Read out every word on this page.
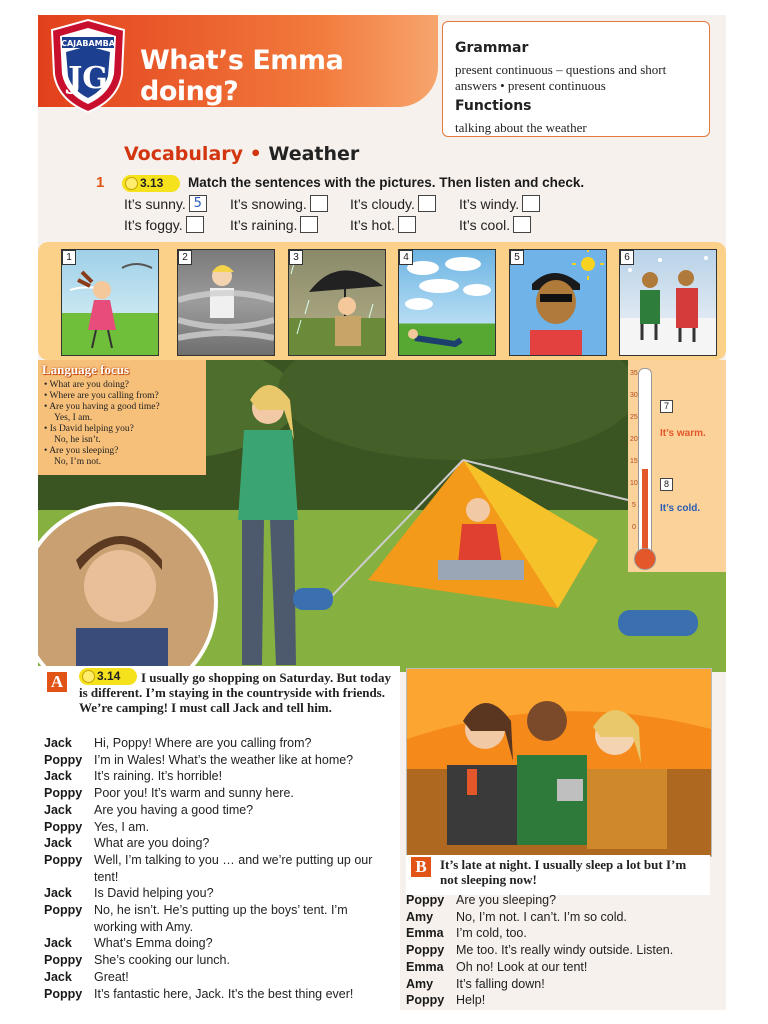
CAJABAMBA
JG
What’s Emma doing?
Grammar
present continuous – questions and short answers • present continuous
Functions
talking about the weather
Vocabulary • Weather
1	3.13	Match the sentences with the pictures. Then listen and check.
It’s sunny. 5	It’s snowing.	It’s cloudy.	It’s windy.
It’s foggy.	It’s raining.	It’s hot.	It’s cool.
1	2	3	4	5	6
Language focus
• What are you doing?
• Where are you calling from?
• Are you having a good time?
Yes, I am.
• Is David helping you?
No, he isn’t.
• Are you sleeping?
No, I’m not.
35
30
25
20
15
10
5
0
7
It’s warm.
8
It’s cold.
A	3.14	I usually go shopping on Saturday. But today is different. I’m staying in the countryside with friends. We’re camping! I must call Jack and tell him.
Jack	Hi, Poppy! Where are you calling from?
Poppy I’m in Wales! What’s the weather like at home?
Jack	It’s raining. It’s horrible!
Poppy Poor you! It’s warm and sunny here.
Jack	Are you having a good time?
Poppy Yes, I am.
Jack	What are you doing?
Poppy Well, I’m talking to you … and we’re putting up our tent!
Jack	Is David helping you?
Poppy No, he isn’t. He’s putting up the boys’ tent. I’m working with Amy.
Jack	What’s Emma doing?
Poppy She’s cooking our lunch.
Jack	Great!
Poppy It’s fantastic here, Jack. It’s the best thing ever!
B	It’s late at night. I usually sleep a lot but I’m not sleeping now!
Poppy Are you sleeping?
Amy	No, I’m not. I can’t. I’m so cold.
Emma I’m cold, too.
Poppy Me too. It’s really windy outside. Listen.
Emma Oh no! Look at our tent!
Amy	It’s falling down!
Poppy Help!
